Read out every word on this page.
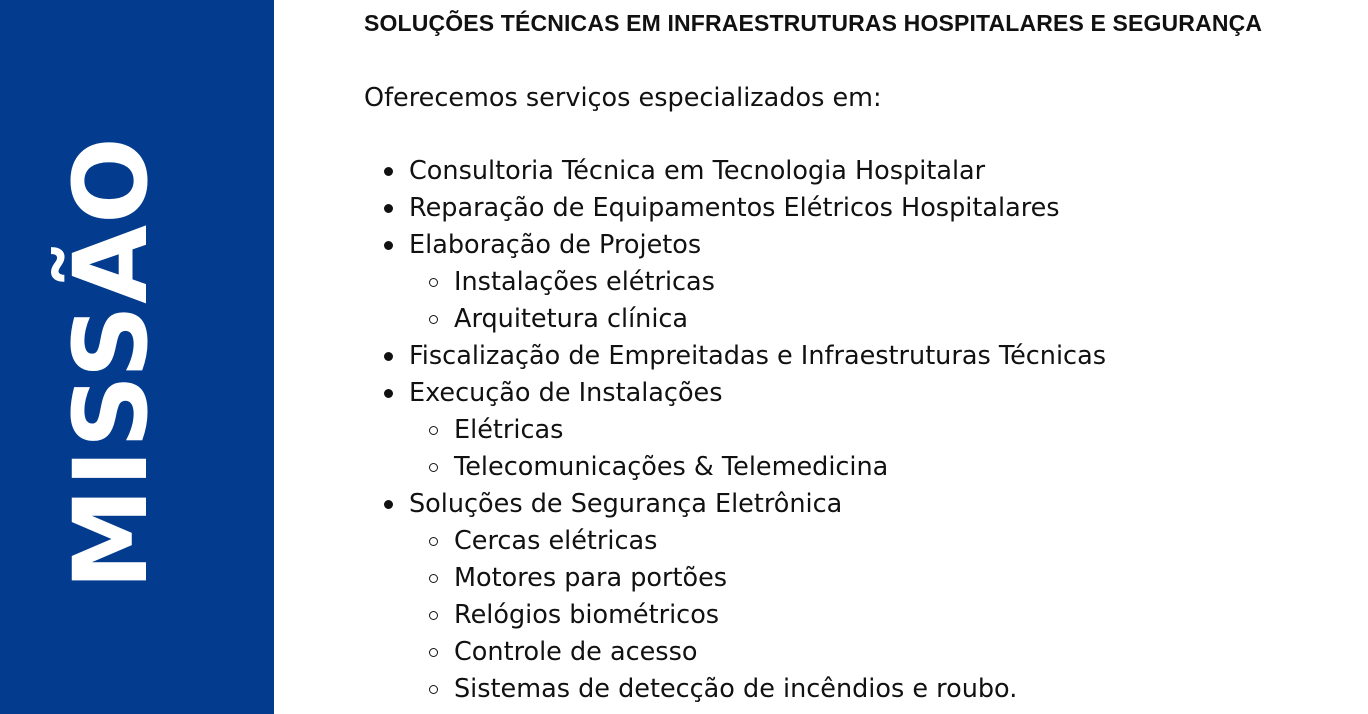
MISSÃO
SOLUÇÕES TÉCNICAS EM INFRAESTRUTURAS HOSPITALARES E SEGURANÇA
Oferecemos serviços especializados em:
Consultoria Técnica em Tecnologia Hospitalar
Reparação de Equipamentos Elétricos Hospitalares
Elaboração de Projetos
Instalações elétricas
Arquitetura clínica
Fiscalização de Empreitadas e Infraestruturas Técnicas
Execução de Instalações
Elétricas
Telecomunicações & Telemedicina
Soluções de Segurança Eletrônica
Cercas elétricas
Motores para portões
Relógios biométricos
Controle de acesso
Sistemas de detecção de incêndios e roubo.
